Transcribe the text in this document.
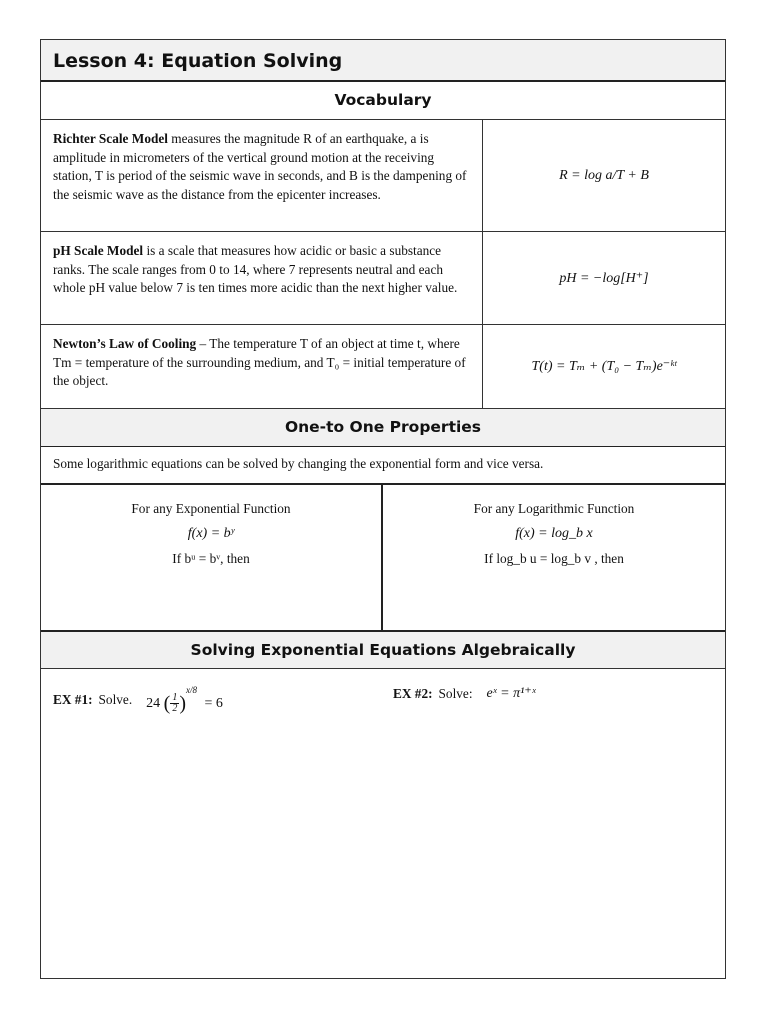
Lesson 4: Equation Solving
Vocabulary
Richter Scale Model measures the magnitude R of an earthquake, a is amplitude in micrometers of the vertical ground motion at the receiving station, T is period of the seismic wave in seconds, and B is the dampening of the seismic wave as the distance from the epicenter increases.
R = log a/T + B
pH Scale Model is a scale that measures how acidic or basic a substance ranks. The scale ranges from 0 to 14, where 7 represents neutral and each whole pH value below 7 is ten times more acidic than the next higher value.
pH = −log[H⁺]
Newton’s Law of Cooling – The temperature T of an object at time t, where Tm = temperature of the surrounding medium, and T₀ = initial temperature of the object.
T(t) = Tₘ + (T₀ − Tₘ)e⁻ᵏᵗ
One-to One Properties
Some logarithmic equations can be solved by changing the exponential form and vice versa.
For any Exponential Function
f(x) = bʸ
If bᵘ = bᵛ, then
For any Logarithmic Function
f(x) = log_b x
If log_b u = log_b v , then
Solving Exponential Equations Algebraically
EX #1: Solve. 24 ( $\frac{1}{2} )^{x/8} = 6$
EX #2: Solve: eˣ = π¹⁺ˣ
